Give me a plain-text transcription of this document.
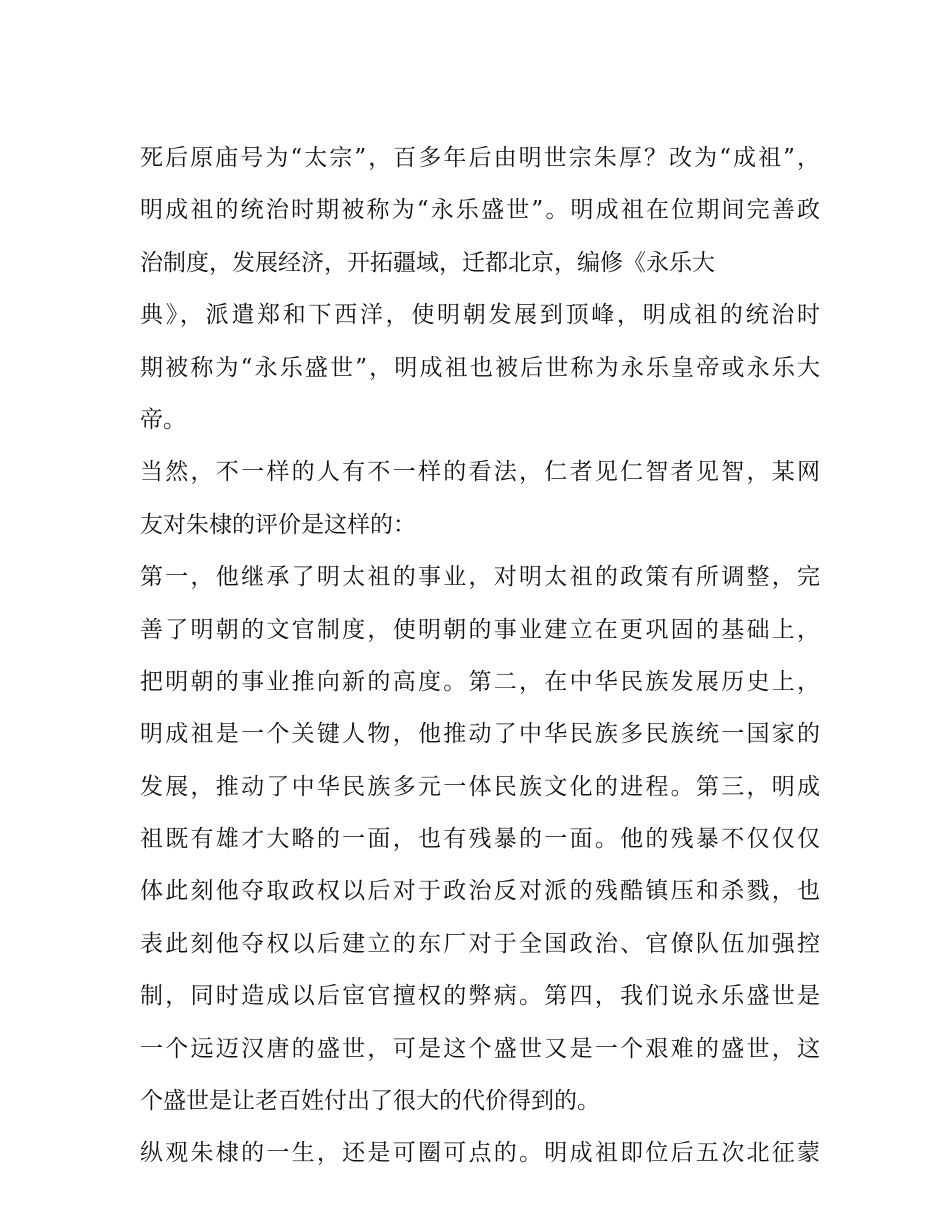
死后原庙号为“太宗”，百多年后由明世宗朱厚？改为“成祖”，
明成祖的统治时期被称为“永乐盛世”。明成祖在位期间完善政
治制度，发展经济，开拓疆域，迁都北京，编修《永乐大
典》，派遣郑和下西洋，使明朝发展到顶峰，明成祖的统治时
期被称为“永乐盛世”，明成祖也被后世称为永乐皇帝或永乐大
帝。
当然，不一样的人有不一样的看法，仁者见仁智者见智，某网
友对朱棣的评价是这样的：
第一，他继承了明太祖的事业，对明太祖的政策有所调整，完
善了明朝的文官制度，使明朝的事业建立在更巩固的基础上，
把明朝的事业推向新的高度。第二，在中华民族发展历史上，
明成祖是一个关键人物，他推动了中华民族多民族统一国家的
发展，推动了中华民族多元一体民族文化的进程。第三，明成
祖既有雄才大略的一面，也有残暴的一面。他的残暴不仅仅仅
体此刻他夺取政权以后对于政治反对派的残酷镇压和杀戮，也
表此刻他夺权以后建立的东厂对于全国政治、官僚队伍加强控
制，同时造成以后宦官擅权的弊病。第四，我们说永乐盛世是
一个远迈汉唐的盛世，可是这个盛世又是一个艰难的盛世，这
个盛世是让老百姓付出了很大的代价得到的。
纵观朱棣的一生，还是可圈可点的。明成祖即位后五次北征蒙
